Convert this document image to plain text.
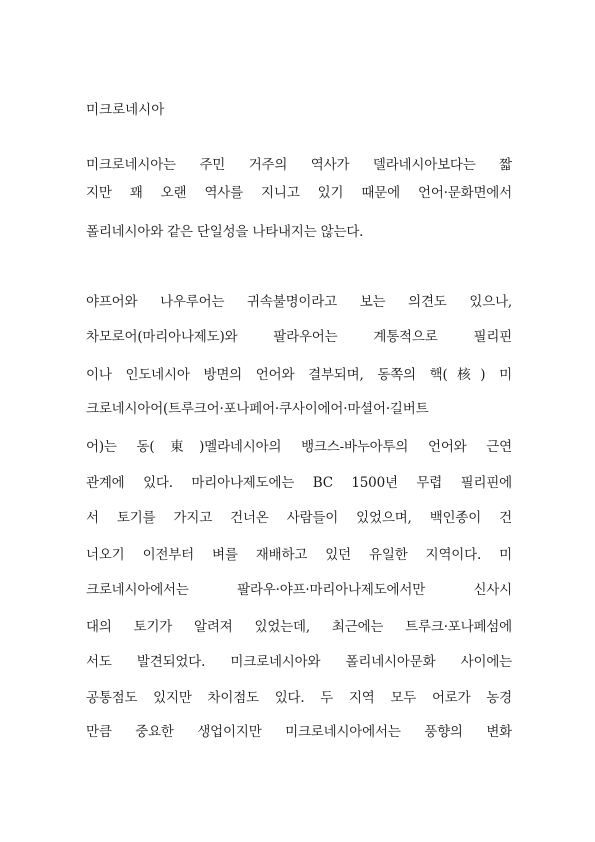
미크로네시아
미크로네시아는 주민 거주의 역사가 델라네시아보다는 짧
지만 꽤 오랜 역사를 지니고 있기 때문에 언어·문화면에서
폴리네시아와 같은 단일성을 나타내지는 않는다.
야프어와 나우루어는 귀속불명이라고 보는 의견도 있으나,
차모로어(마리아나제도)와 팔라우어는 계통적으로 필리핀
이나 인도네시아 방면의 언어와 결부되며, 동쪽의 핵(核) 미
크로네시아어(트루크어·포나페어·쿠사이에어·마셜어·길버트
어)는 동(東)멜라네시아의 뱅크스-바누아투의 언어와 근연
관계에 있다. 마리아나제도에는 BC 1500년 무렵 필리핀에
서 토기를 가지고 건너온 사람들이 있었으며, 백인종이 건
너오기 이전부터 벼를 재배하고 있던 유일한 지역이다. 미
크로네시아에서는 팔라우·야프·마리아나제도에서만 신사시
대의 토기가 알려져 있었는데, 최근에는 트루크·포나페섬에
서도 발견되었다. 미크로네시아와 폴리네시아문화 사이에는
공통점도 있지만 차이점도 있다. 두 지역 모두 어로가 농경
만큼 중요한 생업이지만 미크로네시아에서는 풍향의 변화
